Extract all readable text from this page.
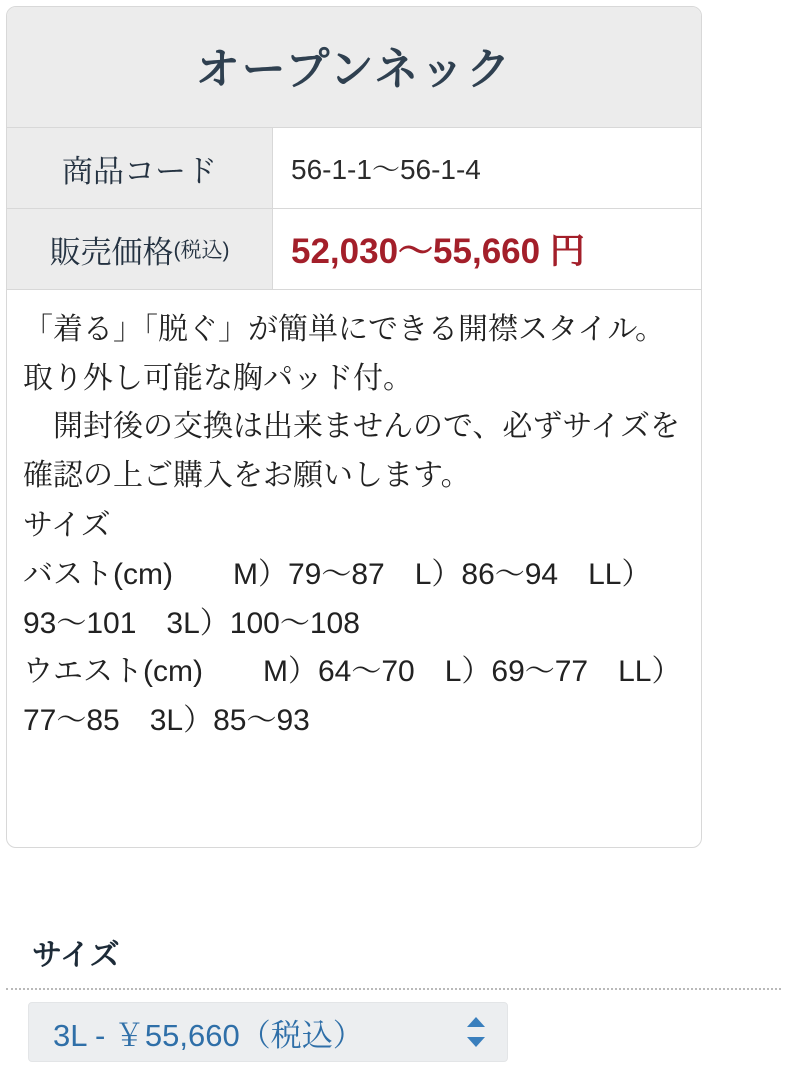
オープンネック
商品コード	56-1-1〜56-1-4
販売価格 (税込)	52,030〜55,660 円

「着る」「脱ぐ」が簡単にできる開襟スタイル。取り外し可能な胸パッド付。

開封後の交換は出来ませんので、必ずサイズを確認の上ご購入をお願いします。

サイズ

バスト(cm)　　M）79〜87　L）86〜94　LL）93〜101　3L）100〜108

ウエスト(cm)　　M）64〜70　L）69〜77　LL）77〜85　3L）85〜93

サイズ
3L - ￥55,660（税込）
